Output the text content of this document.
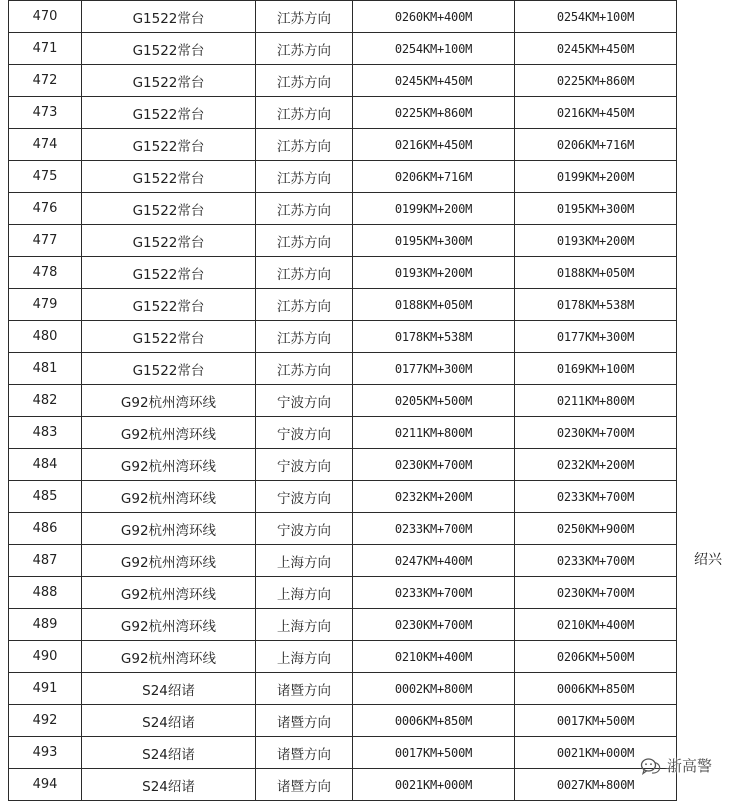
470	G1522常台	江苏方向	0260KM+400M	0254KM+100M
471	G1522常台	江苏方向	0254KM+100M	0245KM+450M
472	G1522常台	江苏方向	0245KM+450M	0225KM+860M
473	G1522常台	江苏方向	0225KM+860M	0216KM+450M
474	G1522常台	江苏方向	0216KM+450M	0206KM+716M
475	G1522常台	江苏方向	0206KM+716M	0199KM+200M
476	G1522常台	江苏方向	0199KM+200M	0195KM+300M
477	G1522常台	江苏方向	0195KM+300M	0193KM+200M
478	G1522常台	江苏方向	0193KM+200M	0188KM+050M
479	G1522常台	江苏方向	0188KM+050M	0178KM+538M
480	G1522常台	江苏方向	0178KM+538M	0177KM+300M
481	G1522常台	江苏方向	0177KM+300M	0169KM+100M
482	G92杭州湾环线	宁波方向	0205KM+500M	0211KM+800M
483	G92杭州湾环线	宁波方向	0211KM+800M	0230KM+700M
484	G92杭州湾环线	宁波方向	0230KM+700M	0232KM+200M
485	G92杭州湾环线	宁波方向	0232KM+200M	0233KM+700M
486	G92杭州湾环线	宁波方向	0233KM+700M	0250KM+900M
487	G92杭州湾环线	上海方向	0247KM+400M	0233KM+700M
488	G92杭州湾环线	上海方向	0233KM+700M	0230KM+700M
489	G92杭州湾环线	上海方向	0230KM+700M	0210KM+400M
490	G92杭州湾环线	上海方向	0210KM+400M	0206KM+500M
491	S24绍诸	诸暨方向	0002KM+800M	0006KM+850M
492	S24绍诸	诸暨方向	0006KM+850M	0017KM+500M
493	S24绍诸	诸暨方向	0017KM+500M	0021KM+000M
494	S24绍诸	诸暨方向	0021KM+000M	0027KM+800M
绍兴
浙高警
